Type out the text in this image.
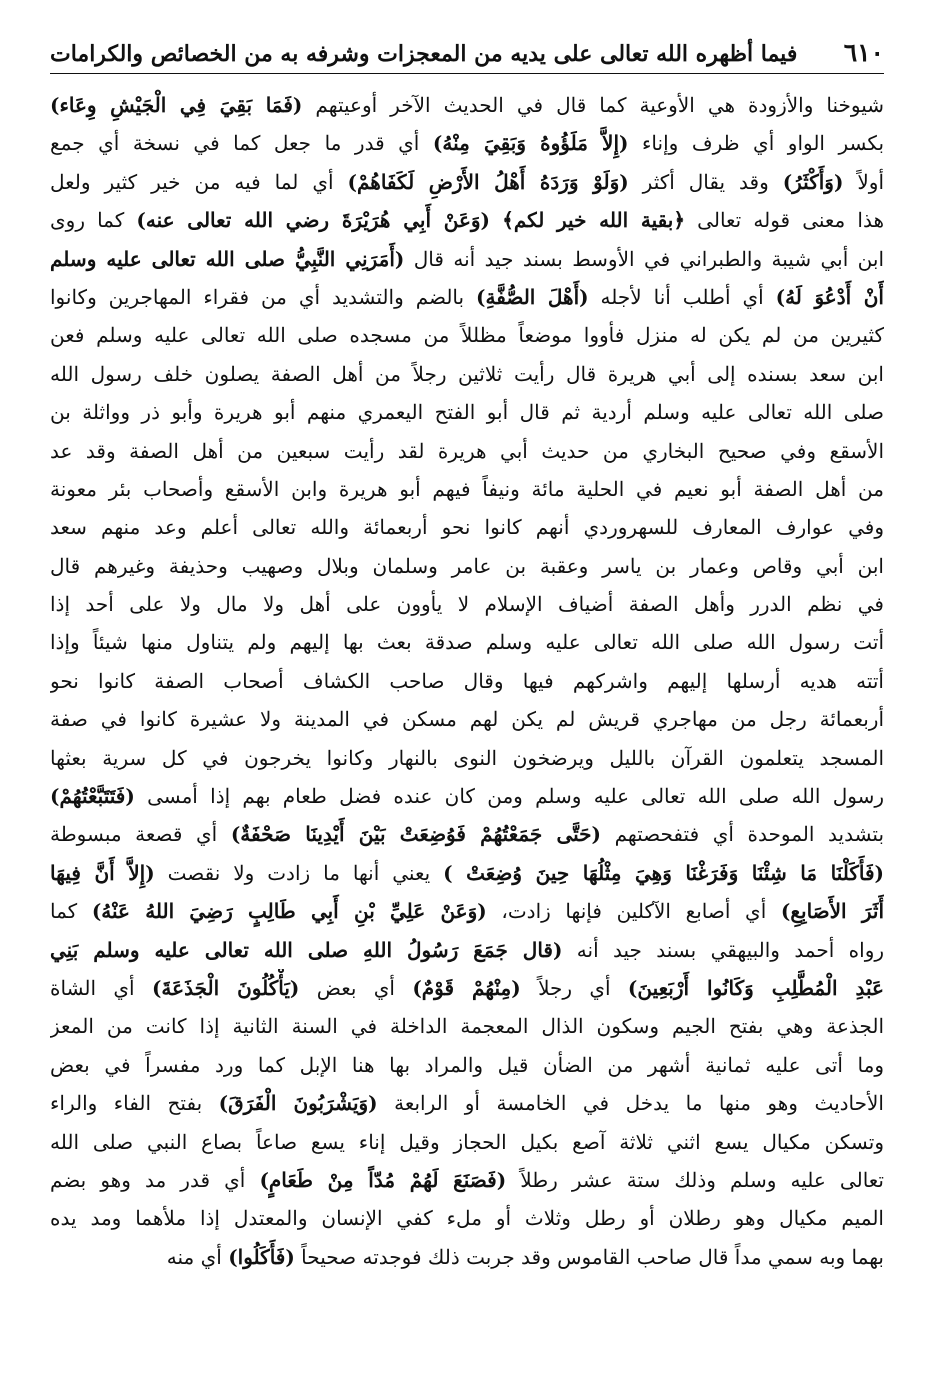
٦١٠
فيما أظهره الله تعالى على يديه من المعجزات وشرفه به من الخصائص والكرامات
شيوخنا والأزودة هي الأوعية كما قال في الحديث الآخر أوعيتهم (فَمَا بَقِيَ فِي الْجَيْشِ وِعَاء)
بكسر الواو أي ظرف وإناء (إِلاَّ مَلَؤُوهُ وَبَقِيَ مِنْهُ) أي قدر ما جعل كما في نسخة أي جمع
أولاً (وَأَكْثَرُ) وقد يقال أكثر (وَلَوْ وَرَدَهُ أَهْلُ الأَرْضِ لَكَفَاهُمْ) أي لما فيه من خير كثير ولعل
هذا معنى قوله تعالى ﴿بقية الله خير لكم﴾ (وَعَنْ أَبِي هُرَيْرَةَ رضي الله تعالى عنه) كما روى
ابن أبي شيبة والطبراني في الأوسط بسند جيد أنه قال (أَمَرَنِي النَّبِيُّ صلى الله تعالى عليه وسلم
أَنْ أَدْعُوَ لَهُ) أي أطلب أنا لأجله (أَهْلَ الصُّفَّةِ) بالضم والتشديد أي من فقراء المهاجرين وكانوا
كثيرين من لم يكن له منزل فأووا موضعاً مظللاً من مسجده صلى الله تعالى عليه وسلم فعن
ابن سعد بسنده إلى أبي هريرة قال رأيت ثلاثين رجلاً من أهل الصفة يصلون خلف رسول الله
صلى الله تعالى عليه وسلم أردية ثم قال أبو الفتح اليعمري منهم أبو هريرة وأبو ذر وواثلة بن
الأسقع وفي صحيح البخاري من حديث أبي هريرة لقد رأيت سبعين من أهل الصفة وقد عد
من أهل الصفة أبو نعيم في الحلية مائة ونيفاً فيهم أبو هريرة وابن الأسقع وأصحاب بئر معونة
وفي عوارف المعارف للسهروردي أنهم كانوا نحو أربعمائة والله تعالى أعلم وعد منهم سعد
ابن أبي وقاص وعمار بن ياسر وعقبة بن عامر وسلمان وبلال وصهيب وحذيفة وغيرهم قال
في نظم الدرر وأهل الصفة أضياف الإسلام لا يأوون على أهل ولا مال ولا على أحد إذا
أتت رسول الله صلى الله تعالى عليه وسلم صدقة بعث بها إليهم ولم يتناول منها شيئاً وإذا
أتته هديه أرسلها إليهم واشركهم فيها وقال صاحب الكشاف أصحاب الصفة كانوا نحو
أربعمائة رجل من مهاجري قريش لم يكن لهم مسكن في المدينة ولا عشيرة كانوا في صفة
المسجد يتعلمون القرآن بالليل ويرضخون النوى بالنهار وكانوا يخرجون في كل سرية بعثها
رسول الله صلى الله تعالى عليه وسلم ومن كان عنده فضل طعام بهم إذا أمسى (فَتَتَبَّعْتُهُمْ)
بتشديد الموحدة أي فتفحصتهم (حَتَّى جَمَعْتُهُمْ فَوُضِعَتْ بَيْنَ أَيْدِينَا صَحْفَةٌ) أي قصعة مبسوطة
(فَأَكَلْنَا مَا شِئْنَا وَفَرَغْنَا وَهِيَ مِثْلُهَا حِينَ وُضِعَتْ ) يعني أنها ما زادت ولا نقصت (إِلاَّ أَنَّ فِيهَا
أَثَرَ الأَصَابِعِ) أي أصابع الآكلين فإنها زادت، (وَعَنْ عَلِيِّ بْنِ أَبِي طَالِبٍ رَضِيَ اللهُ عَنْهُ) كما
رواه أحمد والبيهقي بسند جيد أنه (قال جَمَعَ رَسُولُ اللهِ صلى الله تعالى عليه وسلم بَنِي
عَبْدِ الْمُطَّلِبِ وَكَانُوا أَرْبَعِينَ) أي رجلاً (مِنْهُمْ قَوْمٌ) أي بعض (يَأْكُلُونَ الْجَذَعَةَ) أي الشاة
الجذعة وهي بفتح الجيم وسكون الذال المعجمة الداخلة في السنة الثانية إذا كانت من المعز
وما أتى عليه ثمانية أشهر من الضأن قيل والمراد بها هنا الإبل كما ورد مفسراً في بعض
الأحاديث وهو منها ما يدخل في الخامسة أو الرابعة (وَيَشْرَبُونَ الْفَرَقَ) بفتح الفاء والراء
وتسكن مكيال يسع اثني ثلاثة آصع بكيل الحجاز وقيل إناء يسع صاعاً بصاع النبي صلى الله
تعالى عليه وسلم وذلك ستة عشر رطلاً (فَصَنَعَ لَهُمْ مُدّاً مِنْ طَعَامٍ) أي قدر مد وهو بضم
الميم مكيال وهو رطلان أو رطل وثلاث أو ملء كفي الإنسان والمعتدل إذا ملأهما ومد يده
بهما وبه سمي مداً قال صاحب القاموس وقد جربت ذلك فوجدته صحيحاً (فَأَكَلُوا) أي منه
